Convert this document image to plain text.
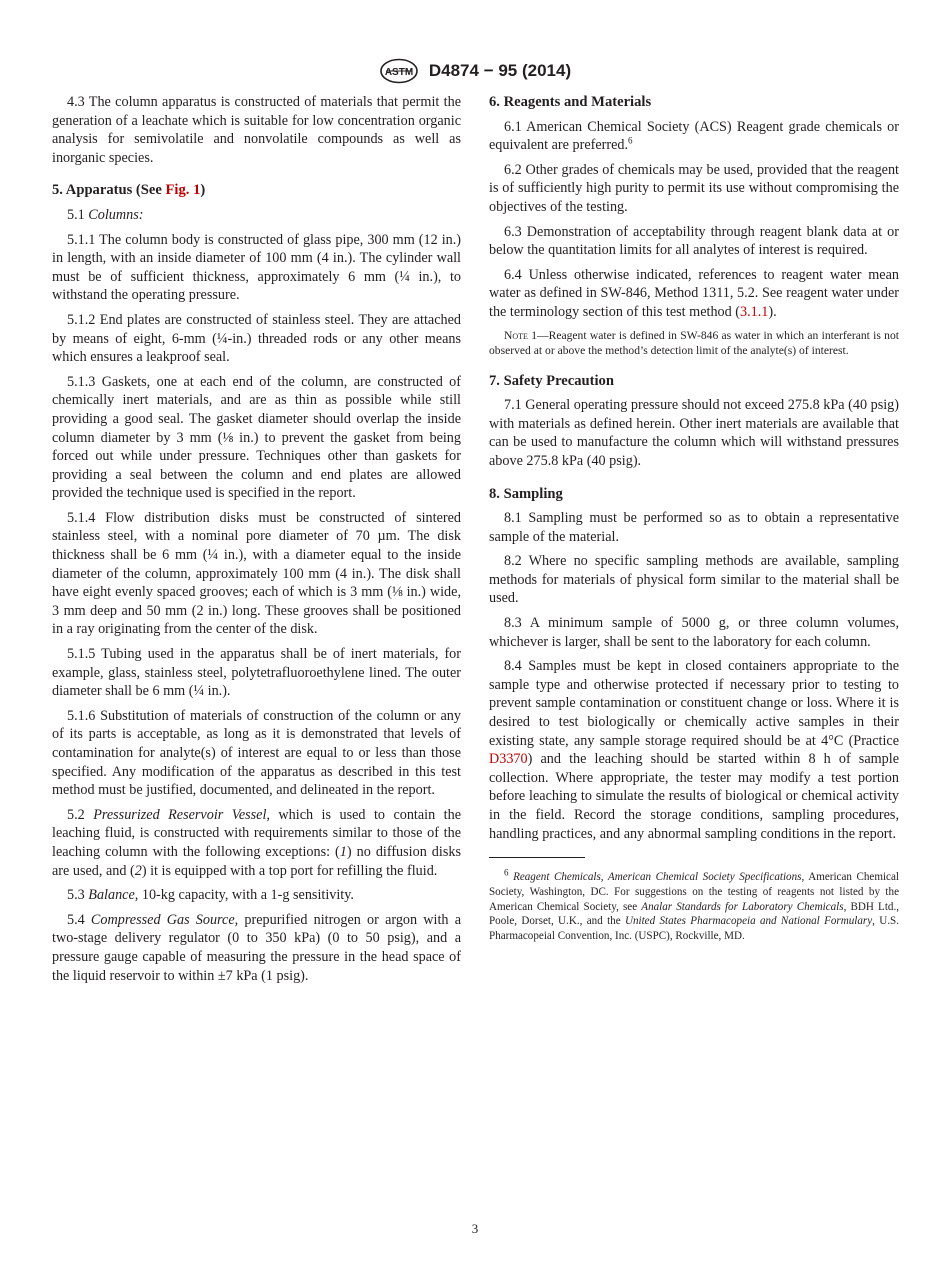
ASTM D4874 − 95 (2014)

4.3 The column apparatus is constructed of materials that permit the generation of a leachate which is suitable for low concentration organic analysis for semivolatile and nonvolatile compounds as well as inorganic species.

5. Apparatus (See Fig. 1)

5.1 Columns:

5.1.1 The column body is constructed of glass pipe, 300 mm (12 in.) in length, with an inside diameter of 100 mm (4 in.). The cylinder wall must be of sufficient thickness, approximately 6 mm (¼ in.), to withstand the operating pressure.

5.1.2 End plates are constructed of stainless steel. They are attached by means of eight, 6-mm (¼-in.) threaded rods or any other means which ensures a leakproof seal.

5.1.3 Gaskets, one at each end of the column, are constructed of chemically inert materials, and are as thin as possible while still providing a good seal. The gasket diameter should overlap the inside column diameter by 3 mm (⅛ in.) to prevent the gasket from being forced out while under pressure. Techniques other than gaskets for providing a seal between the column and end plates are allowed provided the technique used is specified in the report.

5.1.4 Flow distribution disks must be constructed of sintered stainless steel, with a nominal pore diameter of 70 µm. The disk thickness shall be 6 mm (¼ in.), with a diameter equal to the inside diameter of the column, approximately 100 mm (4 in.). The disk shall have eight evenly spaced grooves; each of which is 3 mm (⅛ in.) wide, 3 mm deep and 50 mm (2 in.) long. These grooves shall be positioned in a ray originating from the center of the disk.

5.1.5 Tubing used in the apparatus shall be of inert materials, for example, glass, stainless steel, polytetrafluoroethylene lined. The outer diameter shall be 6 mm (¼ in.).

5.1.6 Substitution of materials of construction of the column or any of its parts is acceptable, as long as it is demonstrated that levels of contamination for analyte(s) of interest are equal to or less than those specified. Any modification of the apparatus as described in this test method must be justified, documented, and delineated in the report.

5.2 Pressurized Reservoir Vessel, which is used to contain the leaching fluid, is constructed with requirements similar to those of the leaching column with the following exceptions: (1) no diffusion disks are used, and (2) it is equipped with a top port for refilling the fluid.

5.3 Balance, 10-kg capacity, with a 1-g sensitivity.

5.4 Compressed Gas Source, prepurified nitrogen or argon with a two-stage delivery regulator (0 to 350 kPa) (0 to 50 psig), and a pressure gauge capable of measuring the pressure in the head space of the liquid reservoir to within ±7 kPa (1 psig).

6. Reagents and Materials

6.1 American Chemical Society (ACS) Reagent grade chemicals or equivalent are preferred.$^6$

6.2 Other grades of chemicals may be used, provided that the reagent is of sufficiently high purity to permit its use without compromising the objectives of the testing.

6.3 Demonstration of acceptability through reagent blank data at or below the quantitation limits for all analytes of interest is required.

6.4 Unless otherwise indicated, references to reagent water mean water as defined in SW-846, Method 1311, 5.2. See reagent water under the terminology section of this test method (3.1.1).

Note 1—Reagent water is defined in SW-846 as water in which an interferant is not observed at or above the method’s detection limit of the analyte(s) of interest.

7. Safety Precaution

7.1 General operating pressure should not exceed 275.8 kPa (40 psig) with materials as defined herein. Other inert materials are available that can be used to manufacture the column which will withstand pressures above 275.8 kPa (40 psig).

8. Sampling

8.1 Sampling must be performed so as to obtain a representative sample of the material.

8.2 Where no specific sampling methods are available, sampling methods for materials of physical form similar to the material shall be used.

8.3 A minimum sample of 5000 g, or three column volumes, whichever is larger, shall be sent to the laboratory for each column.

8.4 Samples must be kept in closed containers appropriate to the sample type and otherwise protected if necessary prior to testing to prevent sample contamination or constituent change or loss. Where it is desired to test biologically or chemically active samples in their existing state, any sample storage required should be at 4°C (Practice D3370) and the leaching should be started within 8 h of sample collection. Where appropriate, the tester may modify a test portion before leaching to simulate the results of biological or chemical activity in the field. Record the storage conditions, sampling procedures, handling practices, and any abnormal sampling conditions in the report.

$^6$ Reagent Chemicals, American Chemical Society Specifications, American Chemical Society, Washington, DC. For suggestions on the testing of reagents not listed by the American Chemical Society, see Analar Standards for Laboratory Chemicals, BDH Ltd., Poole, Dorset, U.K., and the United States Pharmacopeia and National Formulary, U.S. Pharmacopeial Convention, Inc. (USPC), Rockville, MD.

3
